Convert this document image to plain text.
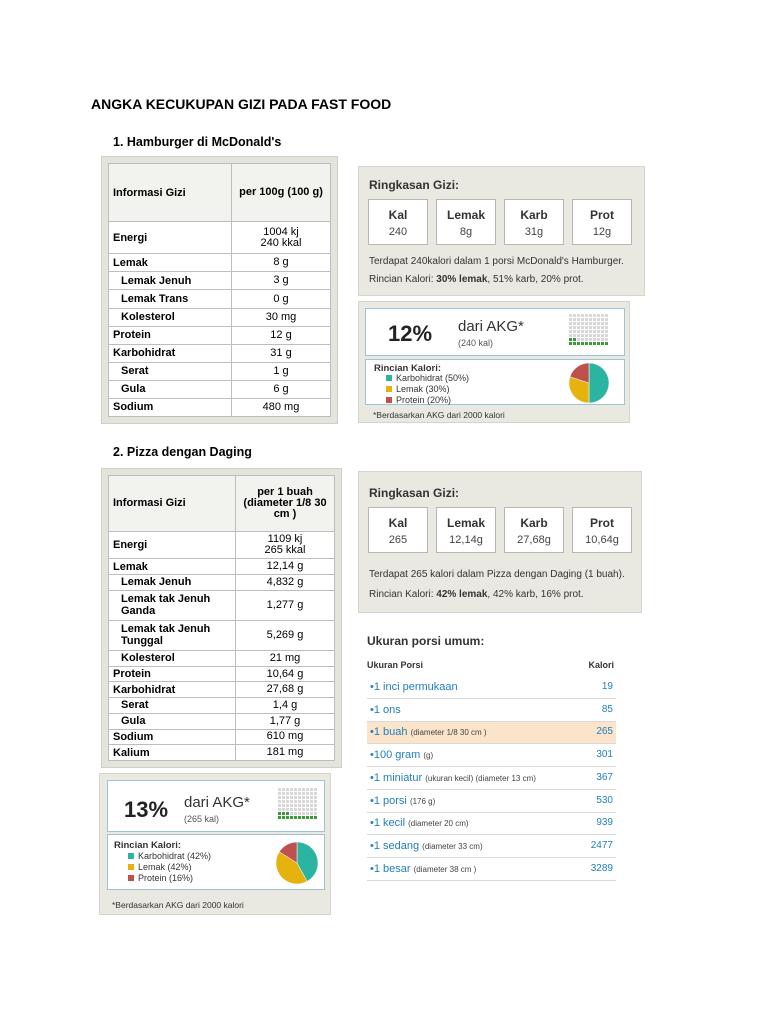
ANGKA KECUKUPAN GIZI PADA FAST FOOD
1. Hamburger di McDonald's
Informasi Gizi	per 100g (100 g)
Energi	1004 kj
240 kkal
Lemak	8 g
Lemak Jenuh	3 g
Lemak Trans	0 g
Kolesterol	30 mg
Protein	12 g
Karbohidrat	31 g
Serat	1 g
Gula	6 g
Sodium	480 mg
Ringkasan Gizi:
Kal
240
Lemak
8g
Karb
31g
Prot
12g
Terdapat 240kalori dalam 1 porsi McDonald's Hamburger.
Rincian Kalori: 30% lemak, 51% karb, 20% prot.
12% dari AKG*
(240 kal)
Rincian Kalori:
Karbohidrat (50%)
Lemak (30%)
Protein (20%)
*Berdasarkan AKG dari 2000 kalori
2. Pizza dengan Daging
Informasi Gizi	per 1 buah (diameter 1/8 30 cm )
Energi	1109 kj
265 kkal
Lemak	12,14 g
Lemak Jenuh	4,832 g
Lemak tak Jenuh Ganda	1,277 g
Lemak tak Jenuh Tunggal	5,269 g
Kolesterol	21 mg
Protein	10,64 g
Karbohidrat	27,68 g
Serat	1,4 g
Gula	1,77 g
Sodium	610 mg
Kalium	181 mg
13% dari AKG*
(265 kal)
Rincian Kalori:
Karbohidrat (42%)
Lemak (42%)
Protein (16%)
*Berdasarkan AKG dari 2000 kalori
Ringkasan Gizi:
Kal
265
Lemak
12,14g
Karb
27,68g
Prot
10,64g
Terdapat 265 kalori dalam Pizza dengan Daging (1 buah).
Rincian Kalori: 42% lemak, 42% karb, 16% prot.
Ukuran porsi umum:
Ukuran Porsi	Kalori
•1 inci permukaan	19
•1 ons	85
•1 buah (diameter 1/8 30 cm )	265
•100 gram (g)	301
•1 miniatur (ukuran kecil) (diameter 13 cm)	367
•1 porsi (176 g)	530
•1 kecil (diameter 20 cm)	939
•1 sedang (diameter 33 cm)	2477
•1 besar (diameter 38 cm )	3289
